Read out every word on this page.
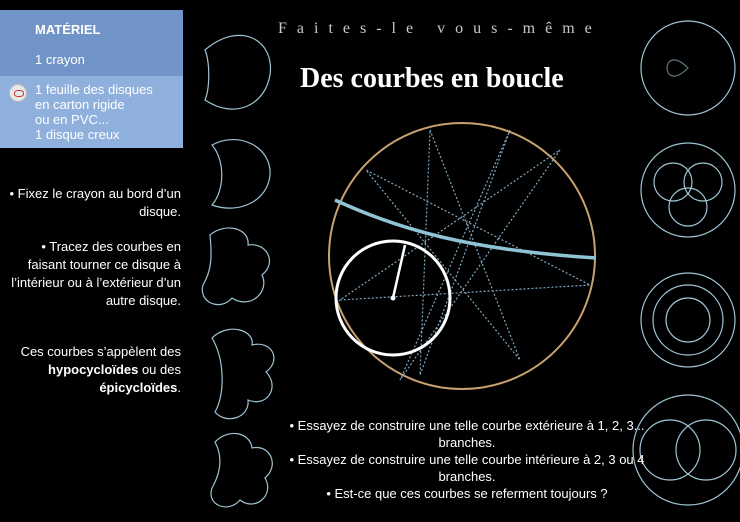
MATÉRIEL
1 crayon
1 feuille des disques
en carton rigide
ou en PVC...
1 disque creux
Faites-le vous-même
Des courbes en boucle
• Fixez le crayon au bord d’un disque.
• Tracez des courbes en faisant tourner ce disque à l’intérieur ou à l’extérieur d’un autre disque.
Ces courbes s’appèlent des hypocycloïdes ou des épicycloïdes.
• Essayez de construire une telle courbe extérieure à 1, 2, 3... branches.
• Essayez de construire une telle courbe intérieure à 2, 3 ou 4 branches.
• Est-ce que ces courbes se referment toujours ?
